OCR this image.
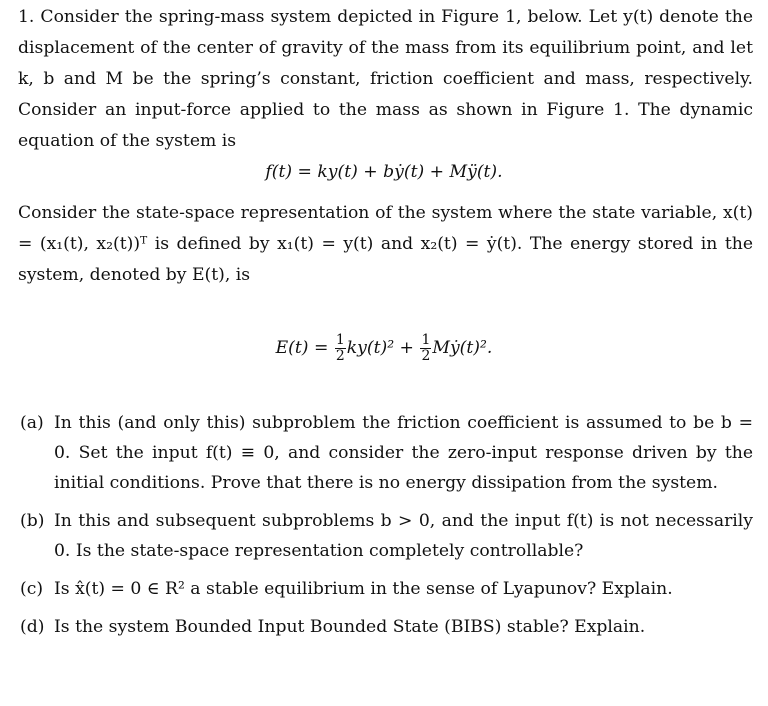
1. Consider the spring-mass system depicted in Figure 1, below. Let y(t) denote the displacement of the center of gravity of the mass from its equilibrium point, and let k, b and M be the spring’s constant, friction coefficient and mass, respectively. Consider an input-force applied to the mass as shown in Figure 1. The dynamic equation of the system is
f(t) = ky(t) + bẏ(t) + Mÿ(t).
Consider the state-space representation of the system where the state variable, x(t) = (x₁(t), x₂(t))ᵀ is defined by x₁(t) = y(t) and x₂(t) = ẏ(t). The energy stored in the system, denoted by E(t), is
$E(t) = \frac{1}{2} ky(t)^2 + \frac{1}{2}$ Mẏ(t)².
(a) In this (and only this) subproblem the friction coefficient is assumed to be b = 0. Set the input f(t) ≡ 0, and consider the zero-input response driven by the initial conditions. Prove that there is no energy dissipation from the system.
(b) In this and subsequent subproblems b > 0, and the input f(t) is not necessarily 0. Is the state-space representation completely controllable?
(c) Is x̂(t) = 0 ∈ R² a stable equilibrium in the sense of Lyapunov? Explain.
(d) Is the system Bounded Input Bounded State (BIBS) stable? Explain.
